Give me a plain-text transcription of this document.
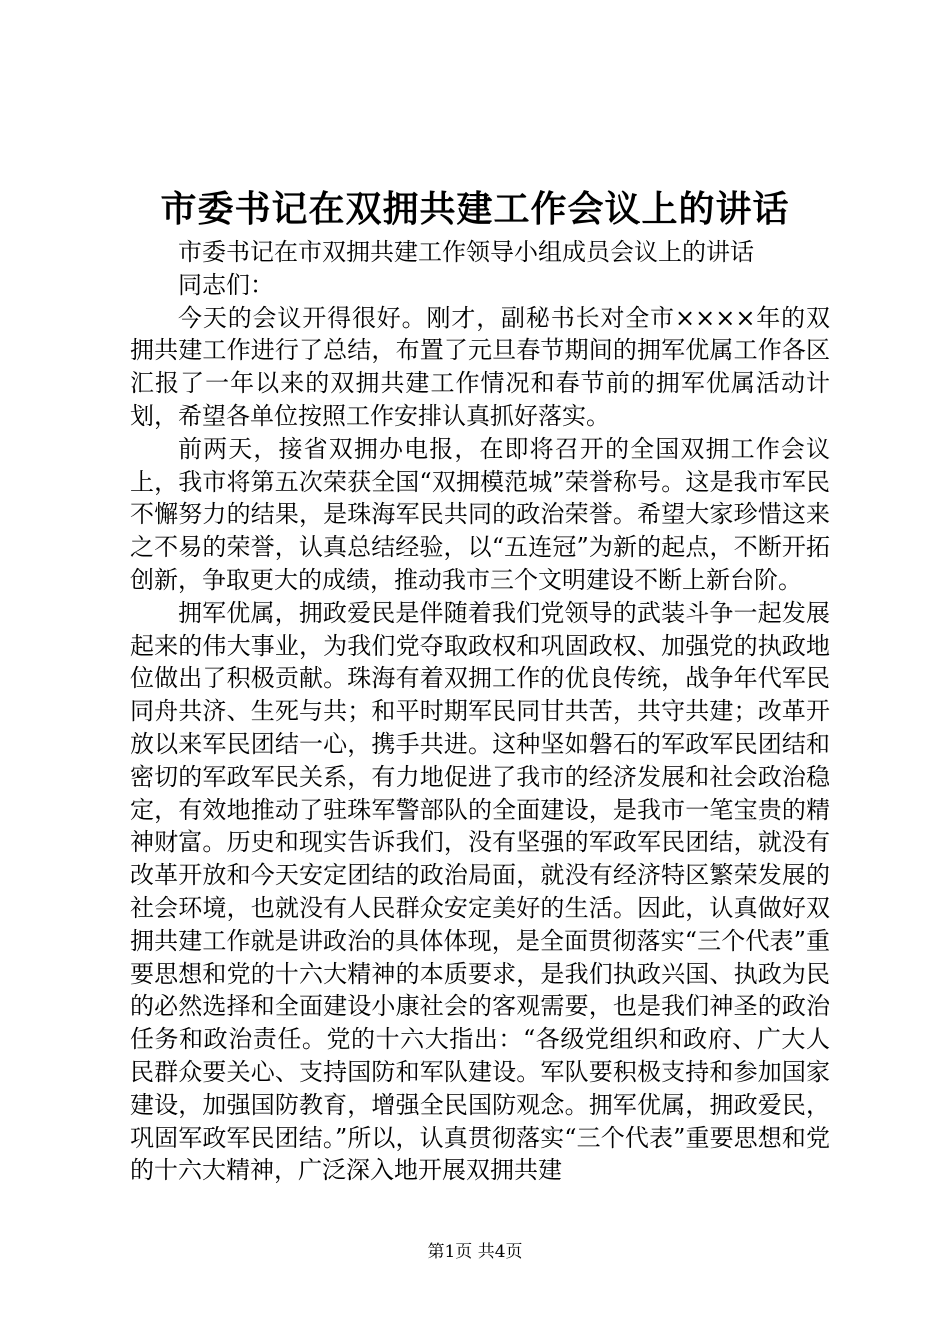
市委书记在双拥共建工作会议上的讲话

市委书记在市双拥共建工作领导小组成员会议上的讲话

同志们：

今天的会议开得很好。刚才，副秘书长对全市××××年的双拥共建工作进行了总结，布置了元旦春节期间的拥军优属工作各区汇报了一年以来的双拥共建工作情况和春节前的拥军优属活动计划，希望各单位按照工作安排认真抓好落实。

前两天，接省双拥办电报，在即将召开的全国双拥工作会议上，我市将第五次荣获全国“双拥模范城”荣誉称号。这是我市军民不懈努力的结果，是珠海军民共同的政治荣誉。希望大家珍惜这来之不易的荣誉，认真总结经验，以“五连冠”为新的起点，不断开拓创新，争取更大的成绩，推动我市三个文明建设不断上新台阶。

拥军优属，拥政爱民是伴随着我们党领导的武装斗争一起发展起来的伟大事业，为我们党夺取政权和巩固政权、加强党的执政地位做出了积极贡献。珠海有着双拥工作的优良传统，战争年代军民同舟共济、生死与共；和平时期军民同甘共苦，共守共建；改革开放以来军民团结一心，携手共进。这种坚如磐石的军政军民团结和密切的军政军民关系，有力地促进了我市的经济发展和社会政治稳定，有效地推动了驻珠军警部队的全面建设，是我市一笔宝贵的精神财富。历史和现实告诉我们，没有坚强的军政军民团结，就没有改革开放和今天安定团结的政治局面，就没有经济特区繁荣发展的社会环境，也就没有人民群众安定美好的生活。因此，认真做好双拥共建工作就是讲政治的具体体现，是全面贯彻落实“三个代表”重要思想和党的十六大精神的本质要求，是我们执政兴国、执政为民的必然选择和全面建设小康社会的客观需要，也是我们神圣的政治任务和政治责任。党的十六大指出：“各级党组织和政府、广大人民群众要关心、支持国防和军队建设。军队要积极支持和参加国家建设，加强国防教育，增强全民国防观念。拥军优属，拥政爱民，巩固军政军民团结。”所以，认真贯彻落实“三个代表”重要思想和党的十六大精神，广泛深入地开展双拥共建

第1页 共4页
